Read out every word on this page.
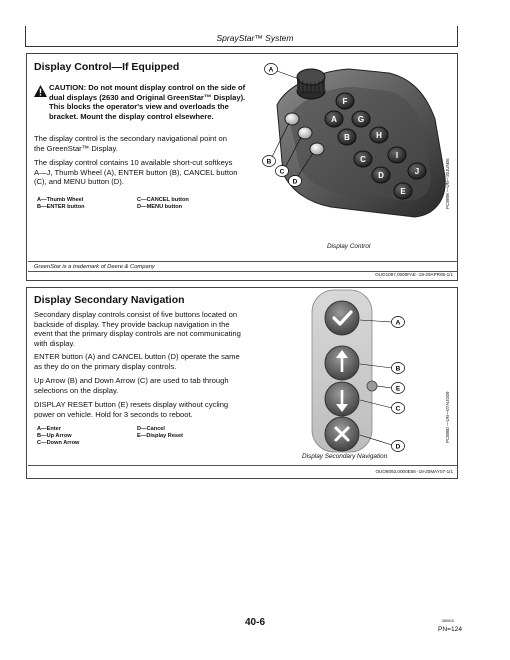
SprayStar™ System
Display Control—If Equipped
CAUTION: Do not mount display control on the side of dual displays (2630 and Original GreenStar™ Display). This blocks the operator's view and overloads the bracket. Mount the display control elsewhere.
The display control is the secondary navigational point on the GreenStar™ Display.
The display control contains 10 available short-cut softkeys A—J, Thumb Wheel (A), ENTER button (B), CANCEL button (C), and MENU button (D).
A—Thumb Wheel
B—ENTER button
C—CANCEL button
D—MENU button
GreenStar is a trademark of Deere & Company
A
B
C
D
E
F
G
H
I
J
A
B
C
D	PC9898 —UN—20JUN06
Display Control
OUO1097,0000FAE -19-29APR05-1/1
Display Secondary Navigation
Secondary display controls consist of five buttons located on backside of display. They provide backup navigation in the event that the primary display controls are not communicating with display.
ENTER button (A) and CANCEL button (D) operate the same as they do on the primary display controls.
Up Arrow (B) and Down Arrow (C) are used to tab through selections on the display.
DISPLAY RESET button (E) resets display without cycling power on vehicle. Hold for 3 seconds to reboot.
A—Enter
B—Up Arrow
C—Down Arrow
D—Cancel
E—Display Reset
A
B
E
C
D
PC8850 —UN—07AUG09
Display Secondary Navigation
OUO6092,0000E56 -19-20MAY07-1/1
40-6	080510
PN=124
